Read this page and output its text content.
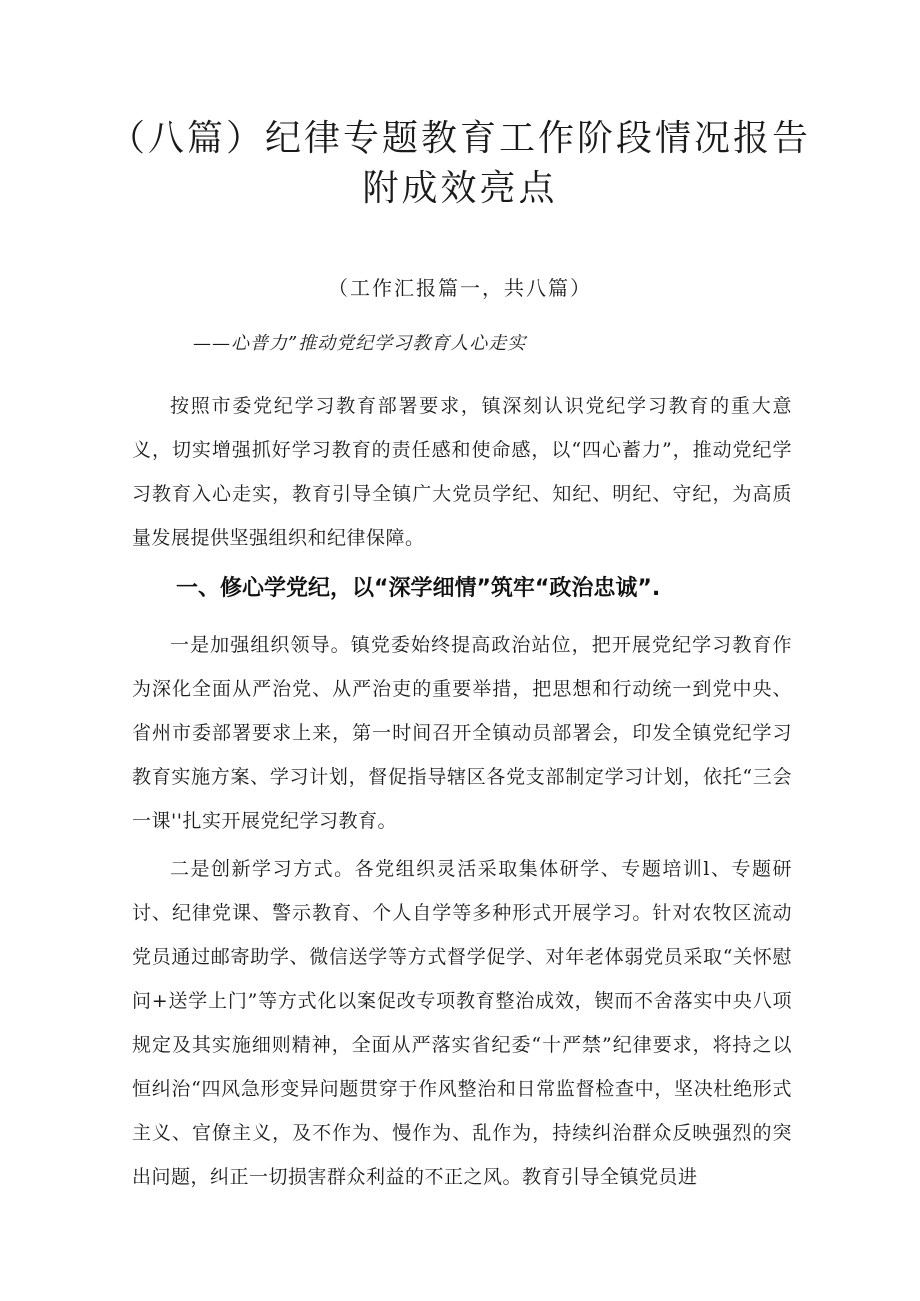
（八篇）纪律专题教育工作阶段情况报告
附成效亮点
（工作汇报篇一，共八篇）
——心普力”推动党纪学习教育人心走实

按照市委党纪学习教育部署要求，镇深刻认识党纪学习教育的重大意义，切实增强抓好学习教育的责任感和使命感，以“四心蓄力”，推动党纪学习教育入心走实，教育引导全镇广大党员学纪、知纪、明纪、守纪，为高质量发展提供坚强组织和纪律保障。

一、修心学党纪，以“深学细情”筑牢“政治忠诚”.

一是加强组织领导。镇党委始终提高政治站位，把开展党纪学习教育作为深化全面从严治党、从严治吏的重要举措，把思想和行动统一到党中央、省州市委部署要求上来，第一时间召开全镇动员部署会，印发全镇党纪学习教育实施方案、学习计划，督促指导辖区各党支部制定学习计划，依托“三会一课''扎实开展党纪学习教育。

二是创新学习方式。各党组织灵活采取集体研学、专题培训l、专题研讨、纪律党课、警示教育、个人自学等多种形式开展学习。针对农牧区流动党员通过邮寄助学、微信送学等方式督学促学、对年老体弱党员采取“关怀慰问+送学上门”等方式化以案促改专项教育整治成效，锲而不舍落实中央八项规定及其实施细则精神，全面从严落实省纪委“十严禁”纪律要求，将持之以恒纠治“四风急形变异问题贯穿于作风整治和日常监督检查中，坚决杜绝形式主义、官僚主义，及不作为、慢作为、乱作为，持续纠治群众反映强烈的突出问题，纠正一切损害群众利益的不正之风。教育引导全镇党员进
